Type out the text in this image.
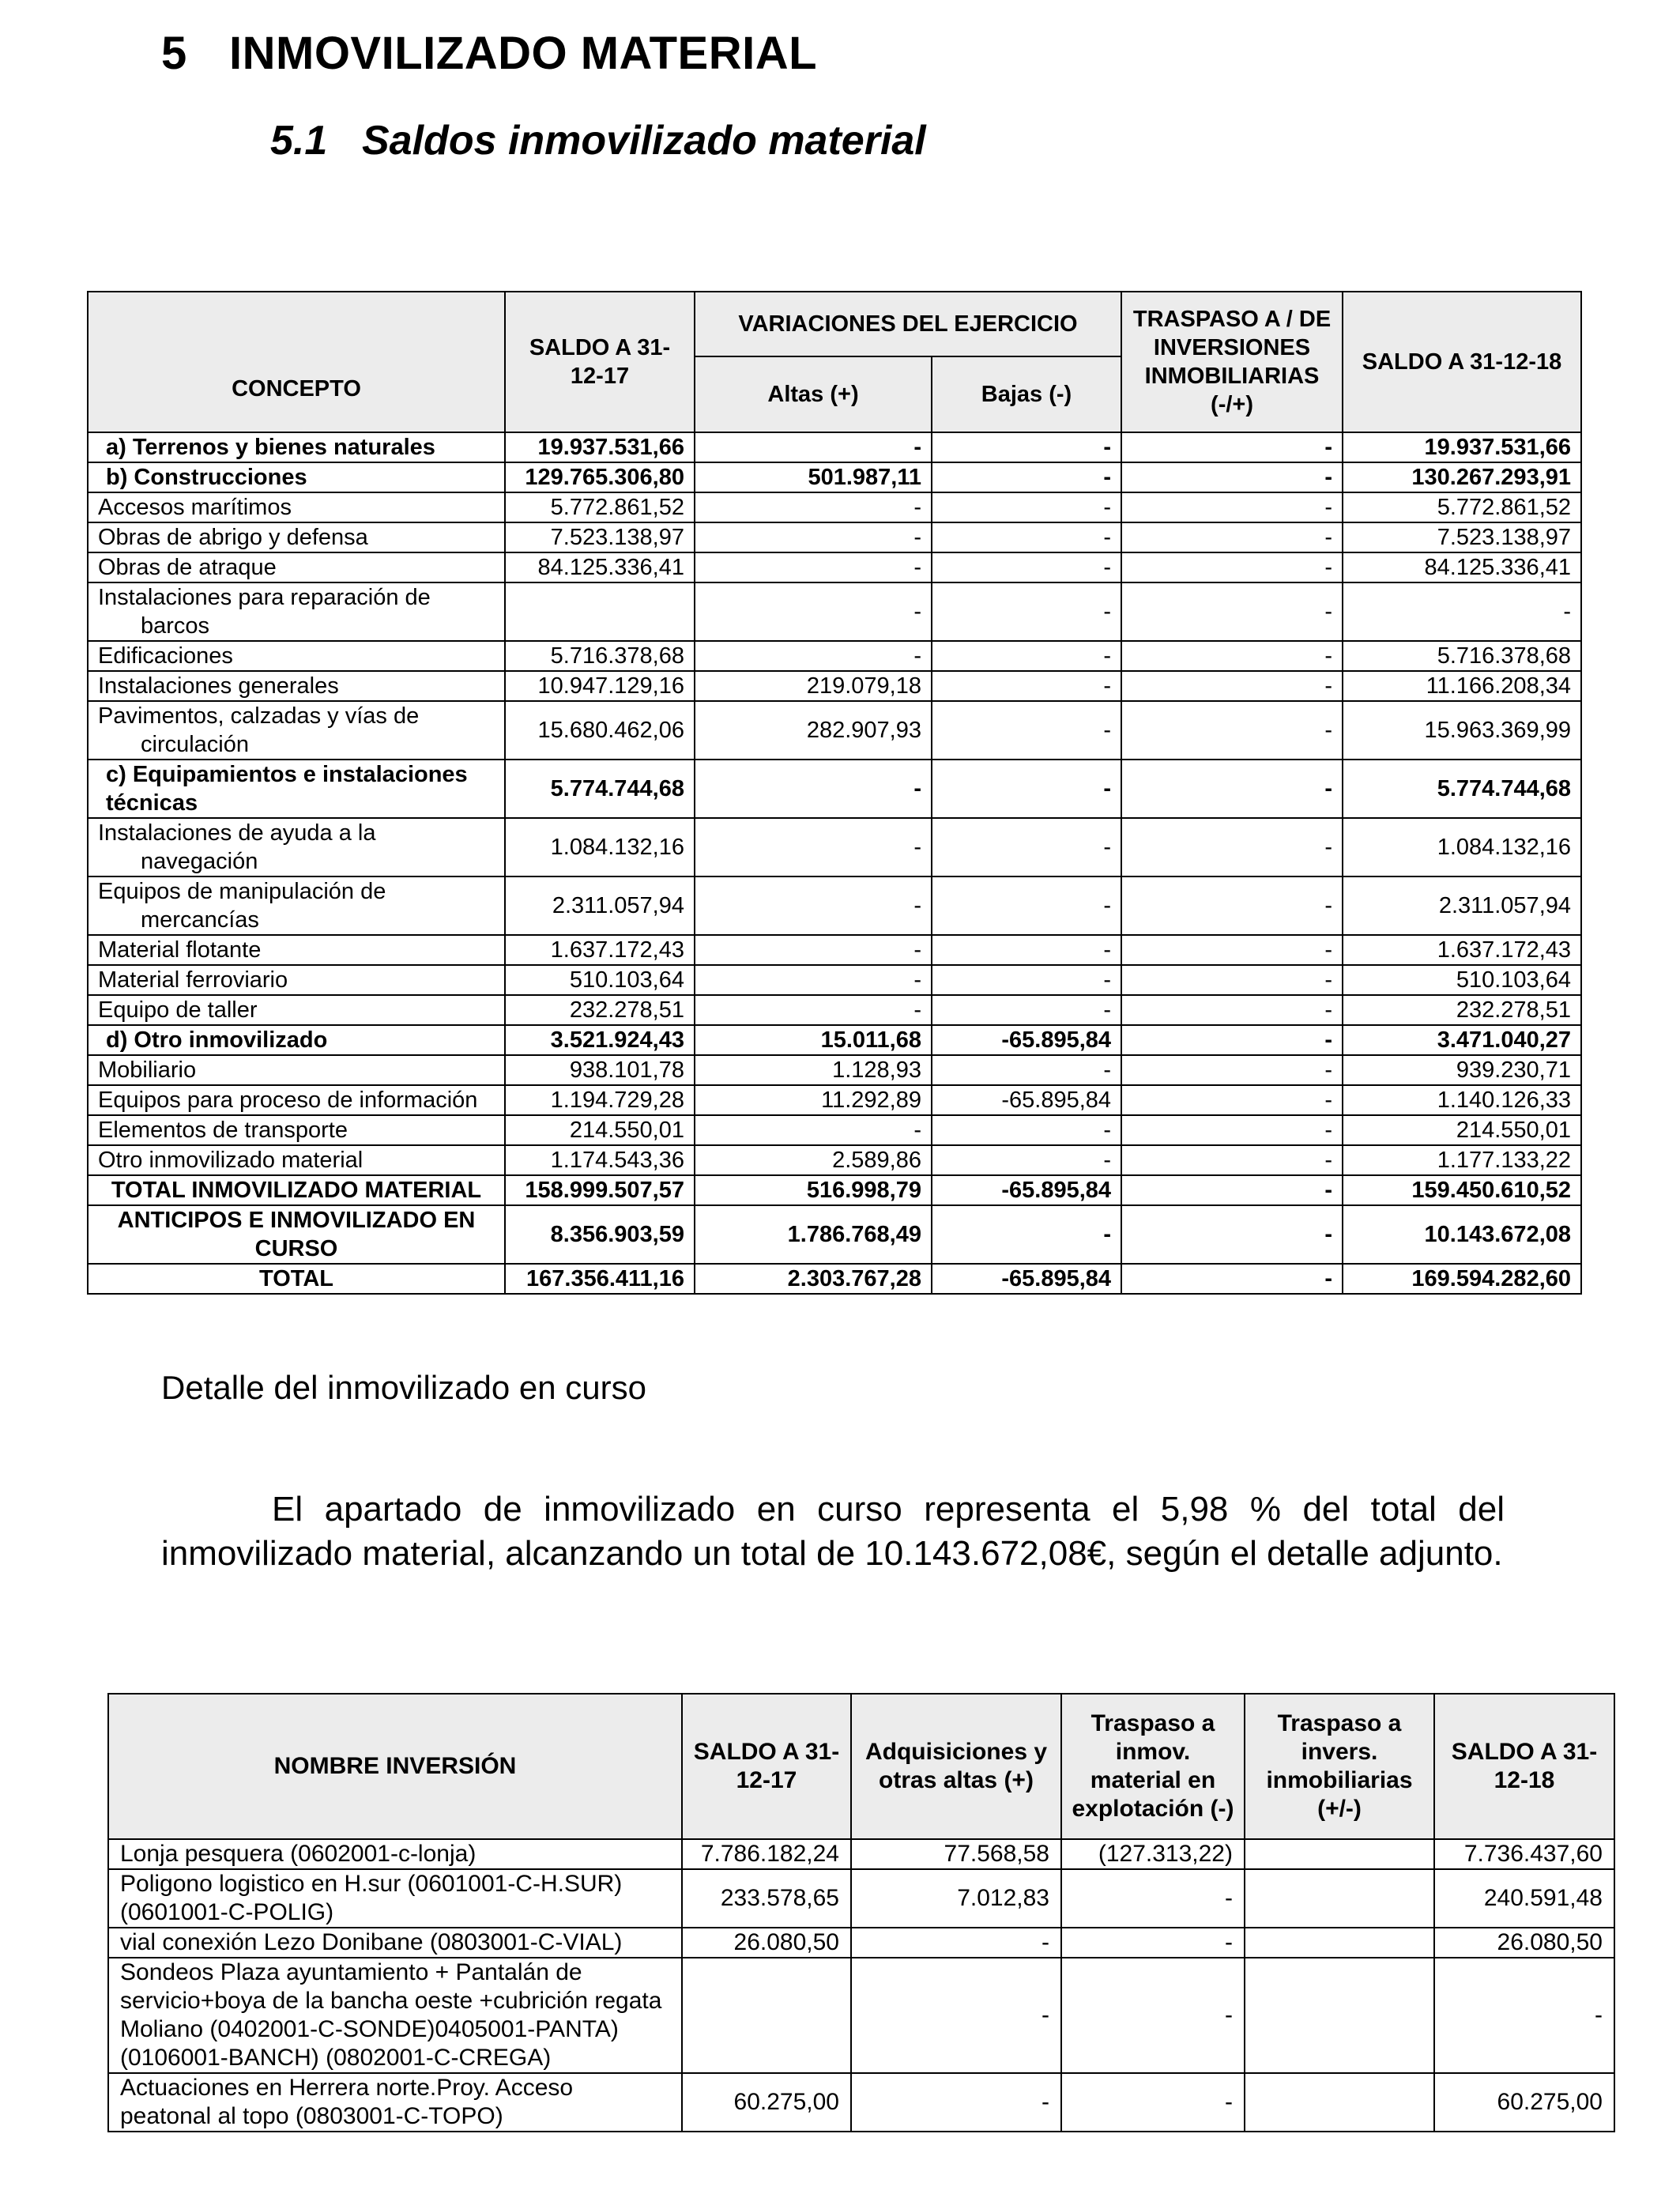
5 INMOVILIZADO MATERIAL
5.1 Saldos inmovilizado material
CONCEPTO	SALDO A 31-12-17	VARIACIONES DEL EJERCICIO		TRASPASO A / DE INVERSIONES INMOBILIARIAS (-/+)	SALDO A 31-12-18
		Altas (+)	Bajas (-)		
a) Terrenos y bienes naturales	19.937.531,66	-	-	-	19.937.531,66
b) Construcciones	129.765.306,80	501.987,11	-	-	130.267.293,91
Accesos marítimos	5.772.861,52	-	-	-	5.772.861,52
Obras de abrigo y defensa	7.523.138,97	-	-	-	7.523.138,97
Obras de atraque	84.125.336,41	-	-	-	84.125.336,41
Instalaciones para reparación de barcos		-	-	-	-
Edificaciones	5.716.378,68	-	-	-	5.716.378,68
Instalaciones generales	10.947.129,16	219.079,18	-	-	11.166.208,34
Pavimentos, calzadas y vías de circulación	15.680.462,06	282.907,93	-	-	15.963.369,99
c) Equipamientos e instalaciones técnicas	5.774.744,68	-	-	-	5.774.744,68
Instalaciones de ayuda a la navegación	1.084.132,16	-	-	-	1.084.132,16
Equipos de manipulación de mercancías	2.311.057,94	-	-	-	2.311.057,94
Material flotante	1.637.172,43	-	-	-	1.637.172,43
Material ferroviario	510.103,64	-	-	-	510.103,64
Equipo de taller	232.278,51	-	-	-	232.278,51
d) Otro inmovilizado	3.521.924,43	15.011,68	-65.895,84	-	3.471.040,27
Mobiliario	938.101,78	1.128,93	-	-	939.230,71
Equipos para proceso de información	1.194.729,28	11.292,89	-65.895,84	-	1.140.126,33
Elementos de transporte	214.550,01	-	-	-	214.550,01
Otro inmovilizado material	1.174.543,36	2.589,86	-	-	1.177.133,22
TOTAL INMOVILIZADO MATERIAL	158.999.507,57	516.998,79	-65.895,84	-	159.450.610,52
ANTICIPOS E INMOVILIZADO EN CURSO	8.356.903,59	1.786.768,49	-	-	10.143.672,08
TOTAL	167.356.411,16	2.303.767,28	-65.895,84	-	169.594.282,60
Detalle del inmovilizado en curso
El apartado de inmovilizado en curso representa el 5,98 % del total del inmovilizado material, alcanzando un total de 10.143.672,08€, según el detalle adjunto.
NOMBRE INVERSIÓN	SALDO A 31-12-17	Adquisiciones y otras altas (+)	Traspaso a inmov. material en explotación (-)	Traspaso a invers. inmobiliarias (+/-)	SALDO A 31-12-18
Lonja pesquera (0602001-c-lonja)	7.786.182,24	77.568,58	(127.313,22)		7.736.437,60
Poligono logistico en H.sur (0601001-C-H.SUR) (0601001-C-POLIG)	233.578,65	7.012,83	-		240.591,48
vial conexión Lezo Donibane (0803001-C-VIAL)	26.080,50	-	-		26.080,50
Sondeos Plaza ayuntamiento + Pantalán de servicio+boya de la bancha oeste +cubrición regata Moliano (0402001-C-SONDE)0405001-PANTA) (0106001-BANCH) (0802001-C-CREGA)		-	-		-
Actuaciones en Herrera norte.Proy. Acceso peatonal al topo (0803001-C-TOPO)	60.275,00	-	-		60.275,00
